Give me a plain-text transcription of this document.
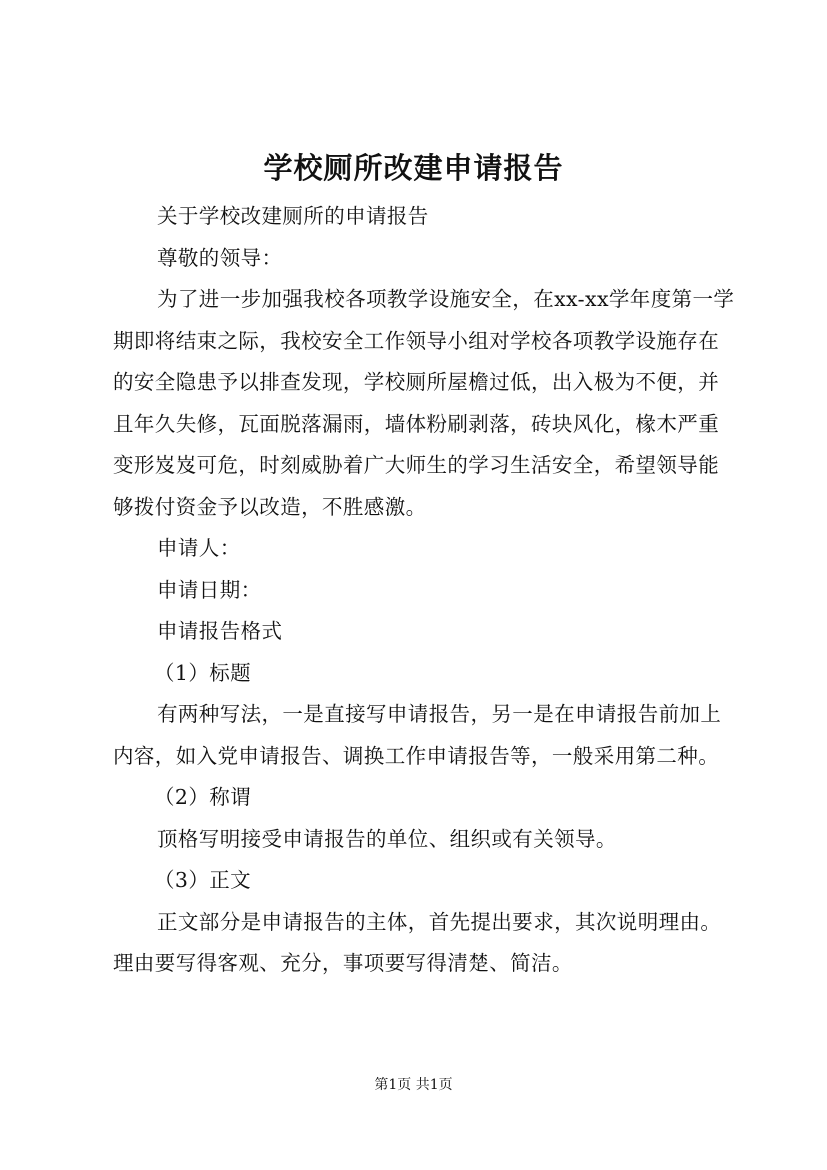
学校厕所改建申请报告

关于学校改建厕所的申请报告

尊敬的领导：

为了进一步加强我校各项教学设施安全，在xx-xx学年度第一学期即将结束之际，我校安全工作领导小组对学校各项教学设施存在的安全隐患予以排查发现，学校厕所屋檐过低，出入极为不便，并且年久失修，瓦面脱落漏雨，墙体粉刷剥落，砖块风化，椽木严重变形岌岌可危，时刻威胁着广大师生的学习生活安全，希望领导能够拨付资金予以改造，不胜感激。

申请人：

申请日期：

申请报告格式

（1）标题

有两种写法，一是直接写申请报告，另一是在申请报告前加上内容，如入党申请报告、调换工作申请报告等，一般采用第二种。

（2）称谓

顶格写明接受申请报告的单位、组织或有关领导。

（3）正文

正文部分是申请报告的主体，首先提出要求，其次说明理由。理由要写得客观、充分，事项要写得清楚、简洁。

第1页 共1页
